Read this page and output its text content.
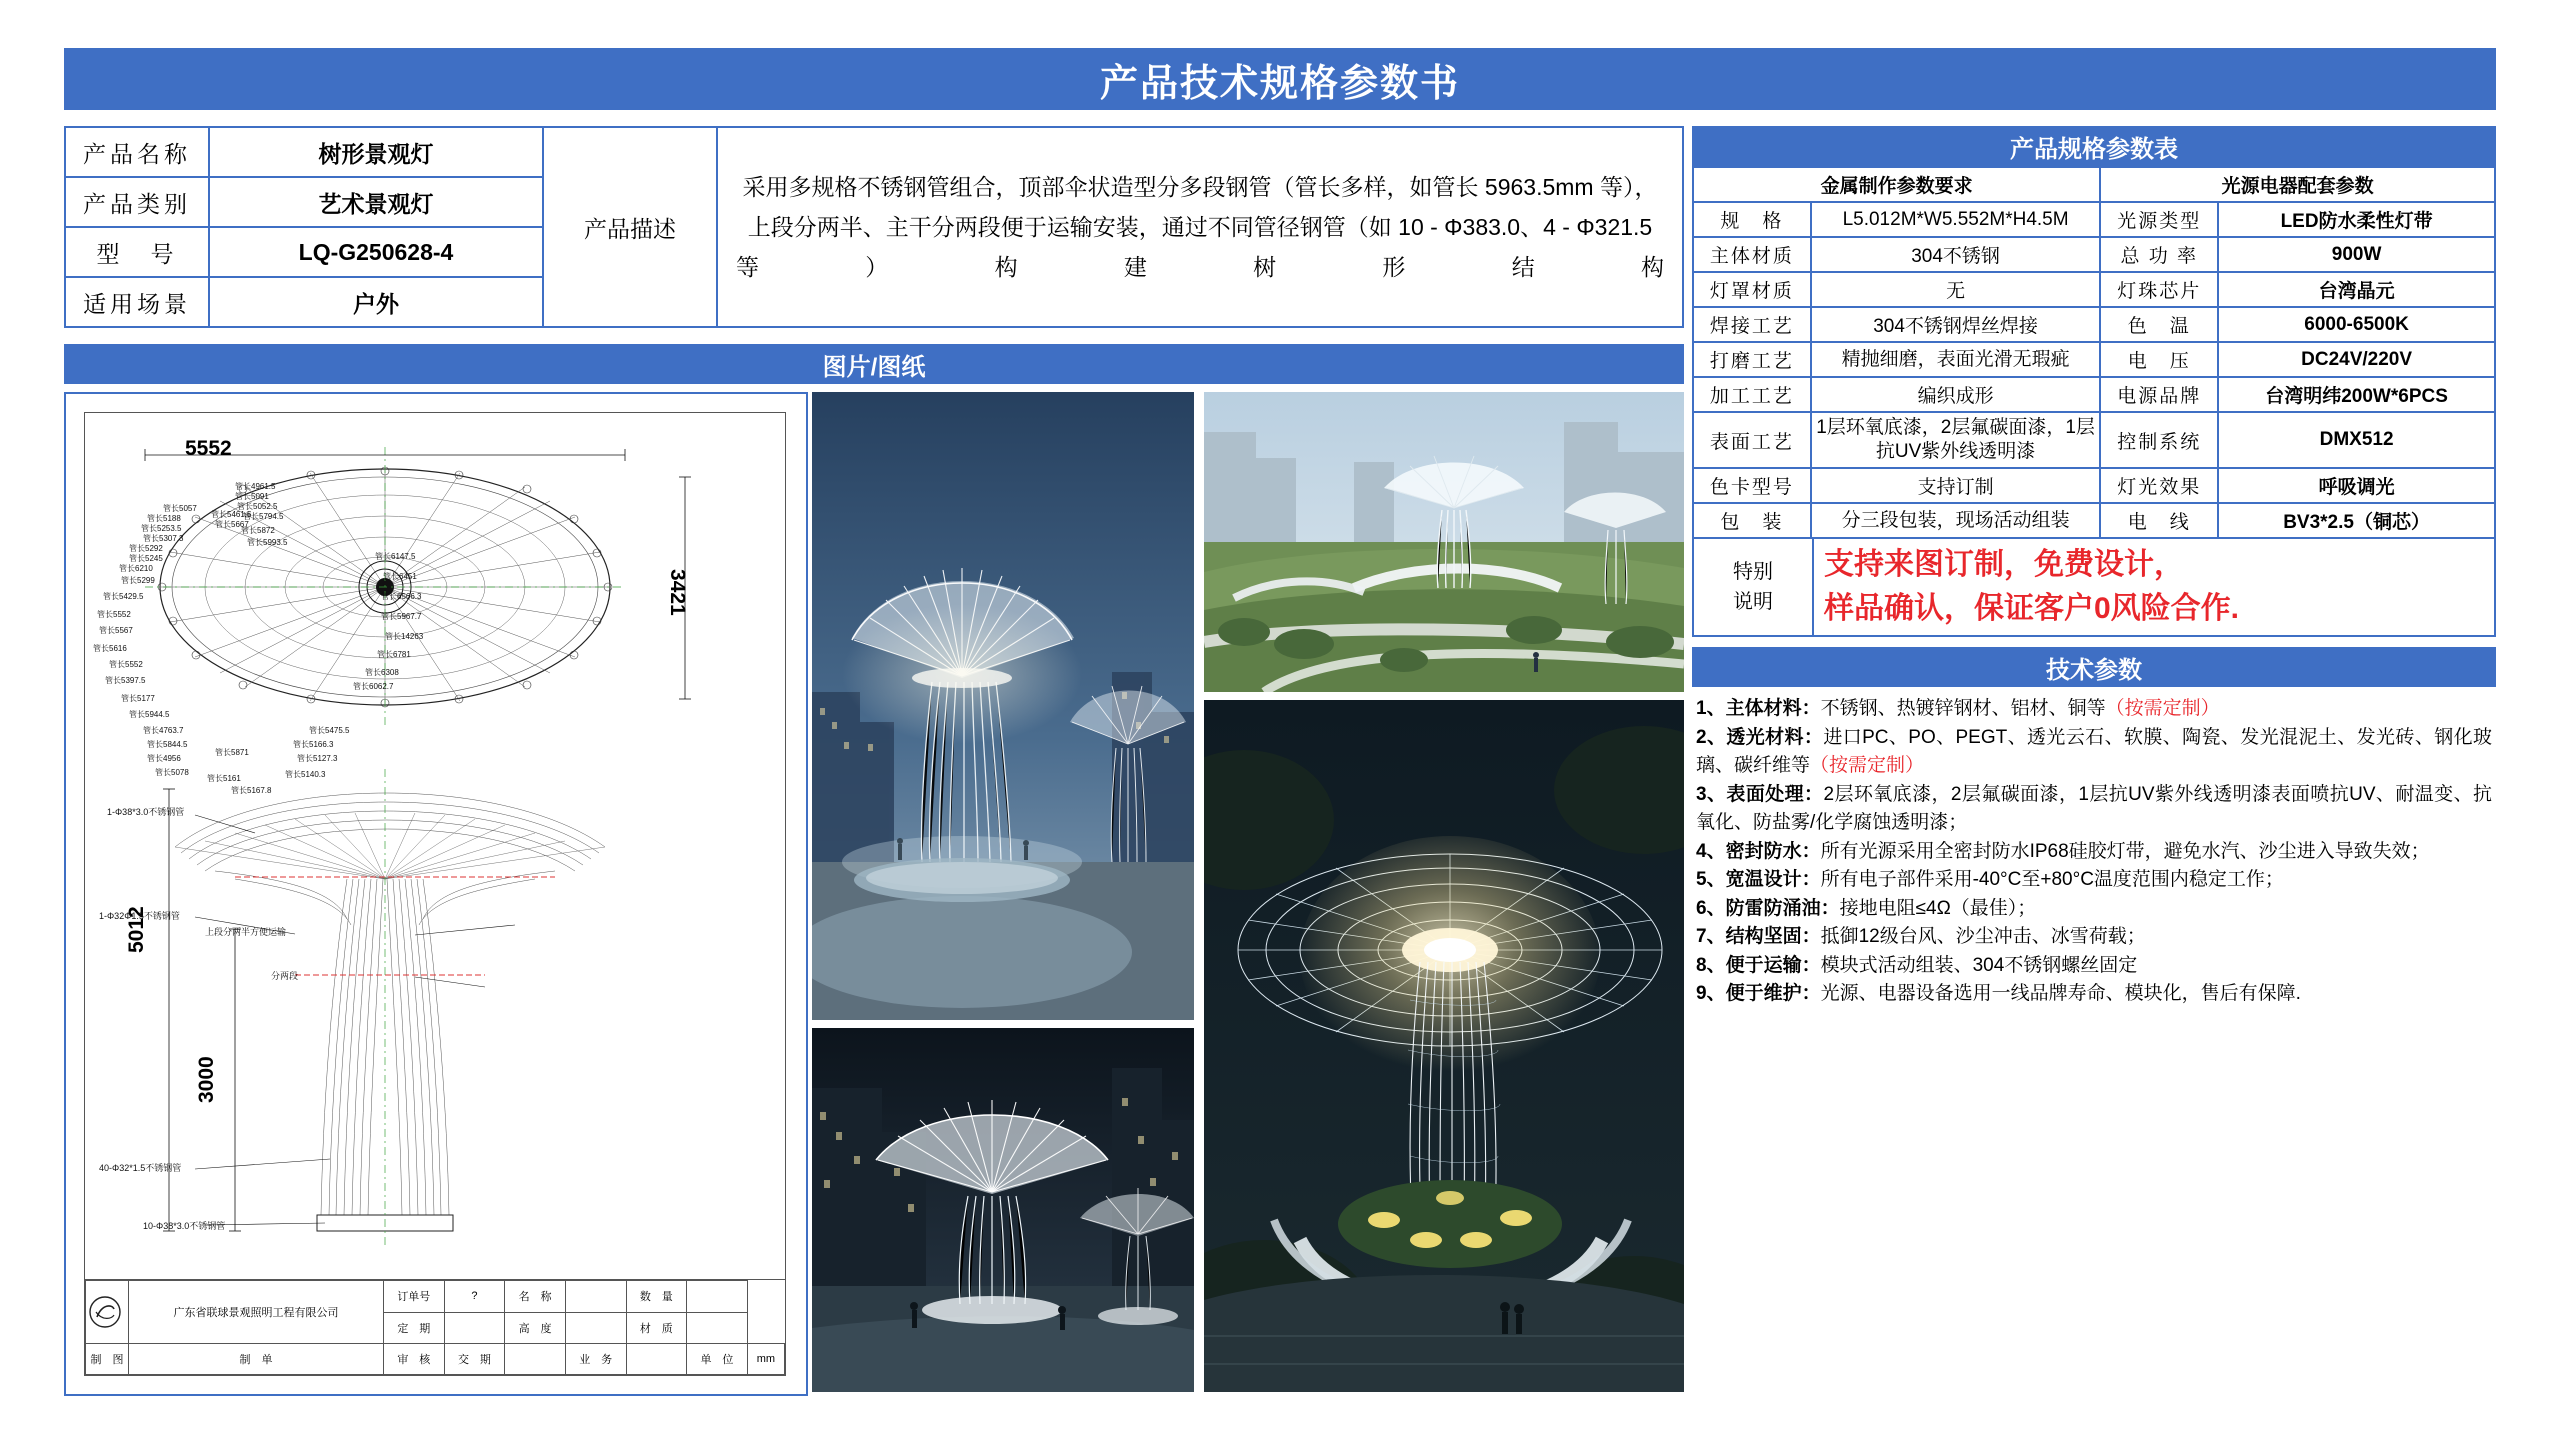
产品技术规格参数书
产品名称	树形景观灯	产品描述	采用多规格不锈钢管组合，顶部伞状造型分多段钢管（管长多样，如管长 5963.5mm 等），上段分两半、主干分两段便于运输安装，通过不同管径钢管（如 10 - Φ383.0、4 - Φ321.5 等）构建树形结构
产品类别	艺术景观灯		
型　号	LQ-G250628-4		
适用场景	户外		
图片/图纸
5552
3421
管长4961.5
管长5091
管长5052.5
管长5461.5
管长5057
管长5188
管长5253.5	管长5667
管长5794.5
管长5307.3
管长5292
管长5872
管长5245
管长5993.5
管长6210
管长5299
管长6147.5
管长5429.5
管长6451
管长5552
管长6566.3
管长5567
管长5616
管长5967.7
管长5552
管长5397.5
管长14263
管长5177
管长6781
管长5944.5
管长6308
管长4763.7
管长6062.7
管长5844.5
管长5871
管长4956
管长5166.3
管长5078
管长5127.3
管长5161
管长5475.5
管长5167.8
管长5140.3
5012
3000
1-Φ38*3.0不锈钢管
1-Φ32Φ1.5不锈钢管
上段分两半方便运输
分两段
40-Φ32*1.5不锈钢管
10-Φ38*3.0不锈钢管
	广东省联球景观照明工程有限公司	订单号	?	名　称		数　量		
		定　期		高　度		材　质		
制　图	制　单	审　核	交　期		业　务		单　位	mm
产品规格参数表
金属制作参数要求		光源电器配套参数	
规　格	L5.012M*W5.552M*H4.5M	光源类型	LED防水柔性灯带
主体材质	304不锈钢	总 功 率	900W
灯罩材质	无	灯珠芯片	台湾晶元
焊接工艺	304不锈钢焊丝焊接	色　温	6000-6500K
打磨工艺	精抛细磨，表面光滑无瑕疵	电　压	DC24V/220V
加工工艺	编织成形	电源品牌	台湾明纬200W*6PCS
表面工艺	1层环氧底漆，2层氟碳面漆，1层抗UV紫外线透明漆	控制系统	DMX512
色卡型号	支持订制	灯光效果	呼吸调光
包　装	分三段包装，现场活动组装	电　线	BV3*2.5（铜芯）
特别
说明

支持来图订制，免费设计，
样品确认，保证客户0风险合作.
技术参数
1、主体材料：不锈钢、热镀锌钢材、铝材、铜等（按需定制）
2、透光材料：进口PC、PO、PEGT、透光云石、软膜、陶瓷、发光混泥土、发光砖、钢化玻璃、碳纤维等（按需定制）
3、表面处理：2层环氧底漆，2层氟碳面漆，1层抗UV紫外线透明漆表面喷抗UV、耐温变、抗氧化、防盐雾/化学腐蚀透明漆；
4、密封防水：所有光源采用全密封防水IP68硅胶灯带，避免水汽、沙尘进入导致失效；
5、宽温设计：所有电子部件采用-40°C至+80°C温度范围内稳定工作；
6、防雷防涌油：接地电阻≤4Ω（最佳）；
7、结构坚固：抵御12级台风、沙尘冲击、冰雪荷载；
8、便于运输：模块式活动组装、304不锈钢螺丝固定
9、便于维护：光源、电器设备选用一线品牌寿命、模块化，售后有保障.
